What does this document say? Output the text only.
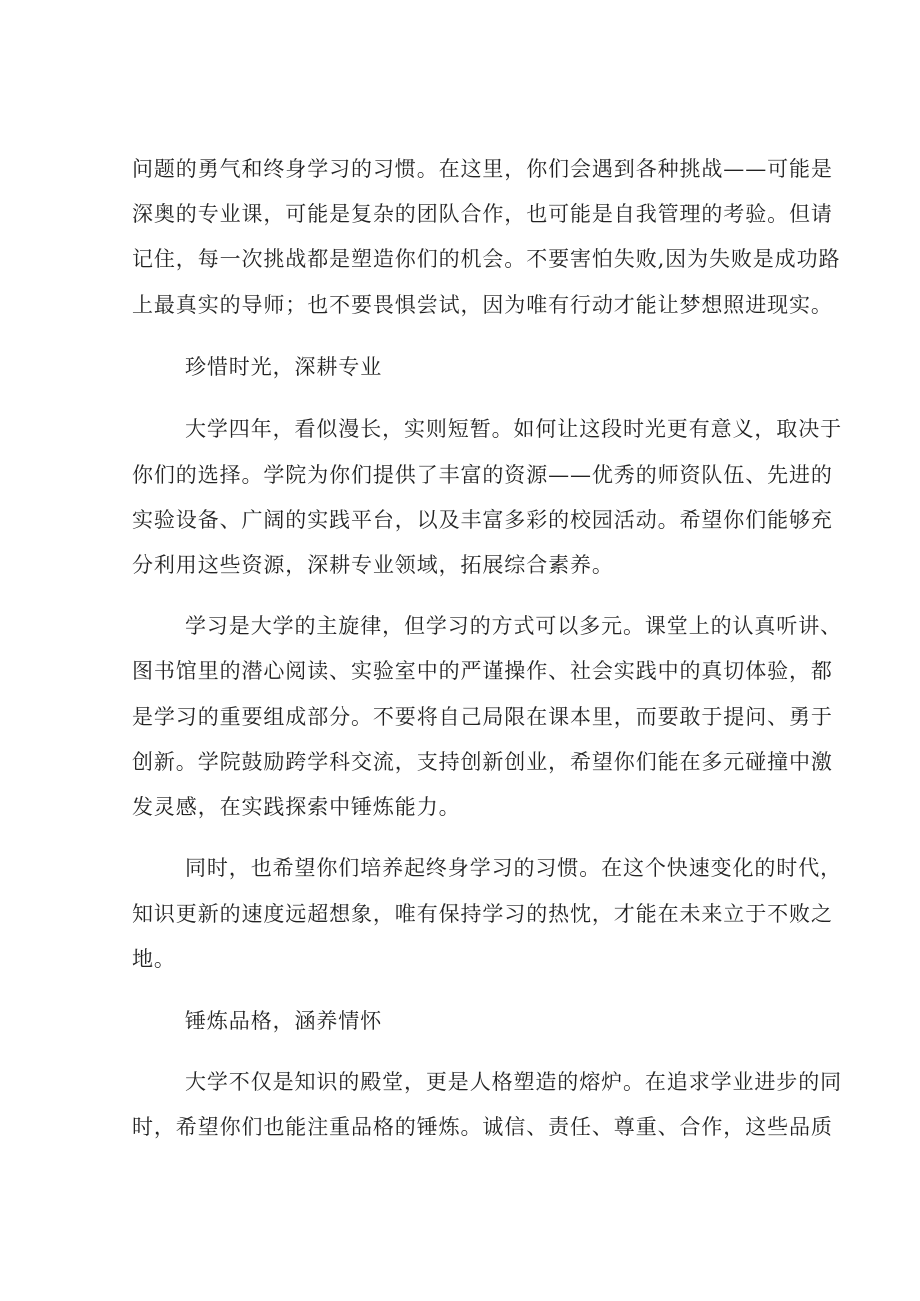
问题的勇气和终身学习的习惯。在这里，你们会遇到各种挑战——可能是

深奥的专业课，可能是复杂的团队合作，也可能是自我管理的考验。但请

记住，每一次挑战都是塑造你们的机会。不要害怕失败,因为失败是成功路

上最真实的导师；也不要畏惧尝试，因为唯有行动才能让梦想照进现实。

珍惜时光，深耕专业

大学四年，看似漫长，实则短暂。如何让这段时光更有意义，取决于

你们的选择。学院为你们提供了丰富的资源——优秀的师资队伍、先进的

实验设备、广阔的实践平台，以及丰富多彩的校园活动。希望你们能够充

分利用这些资源，深耕专业领域，拓展综合素养。

学习是大学的主旋律，但学习的方式可以多元。课堂上的认真听讲、

图书馆里的潜心阅读、实验室中的严谨操作、社会实践中的真切体验，都

是学习的重要组成部分。不要将自己局限在课本里，而要敢于提问、勇于

创新。学院鼓励跨学科交流，支持创新创业，希望你们能在多元碰撞中激

发灵感，在实践探索中锤炼能力。

同时，也希望你们培养起终身学习的习惯。在这个快速变化的时代，

知识更新的速度远超想象，唯有保持学习的热忱，才能在未来立于不败之

地。

锤炼品格，涵养情怀

大学不仅是知识的殿堂，更是人格塑造的熔炉。在追求学业进步的同

时，希望你们也能注重品格的锤炼。诚信、责任、尊重、合作，这些品质
